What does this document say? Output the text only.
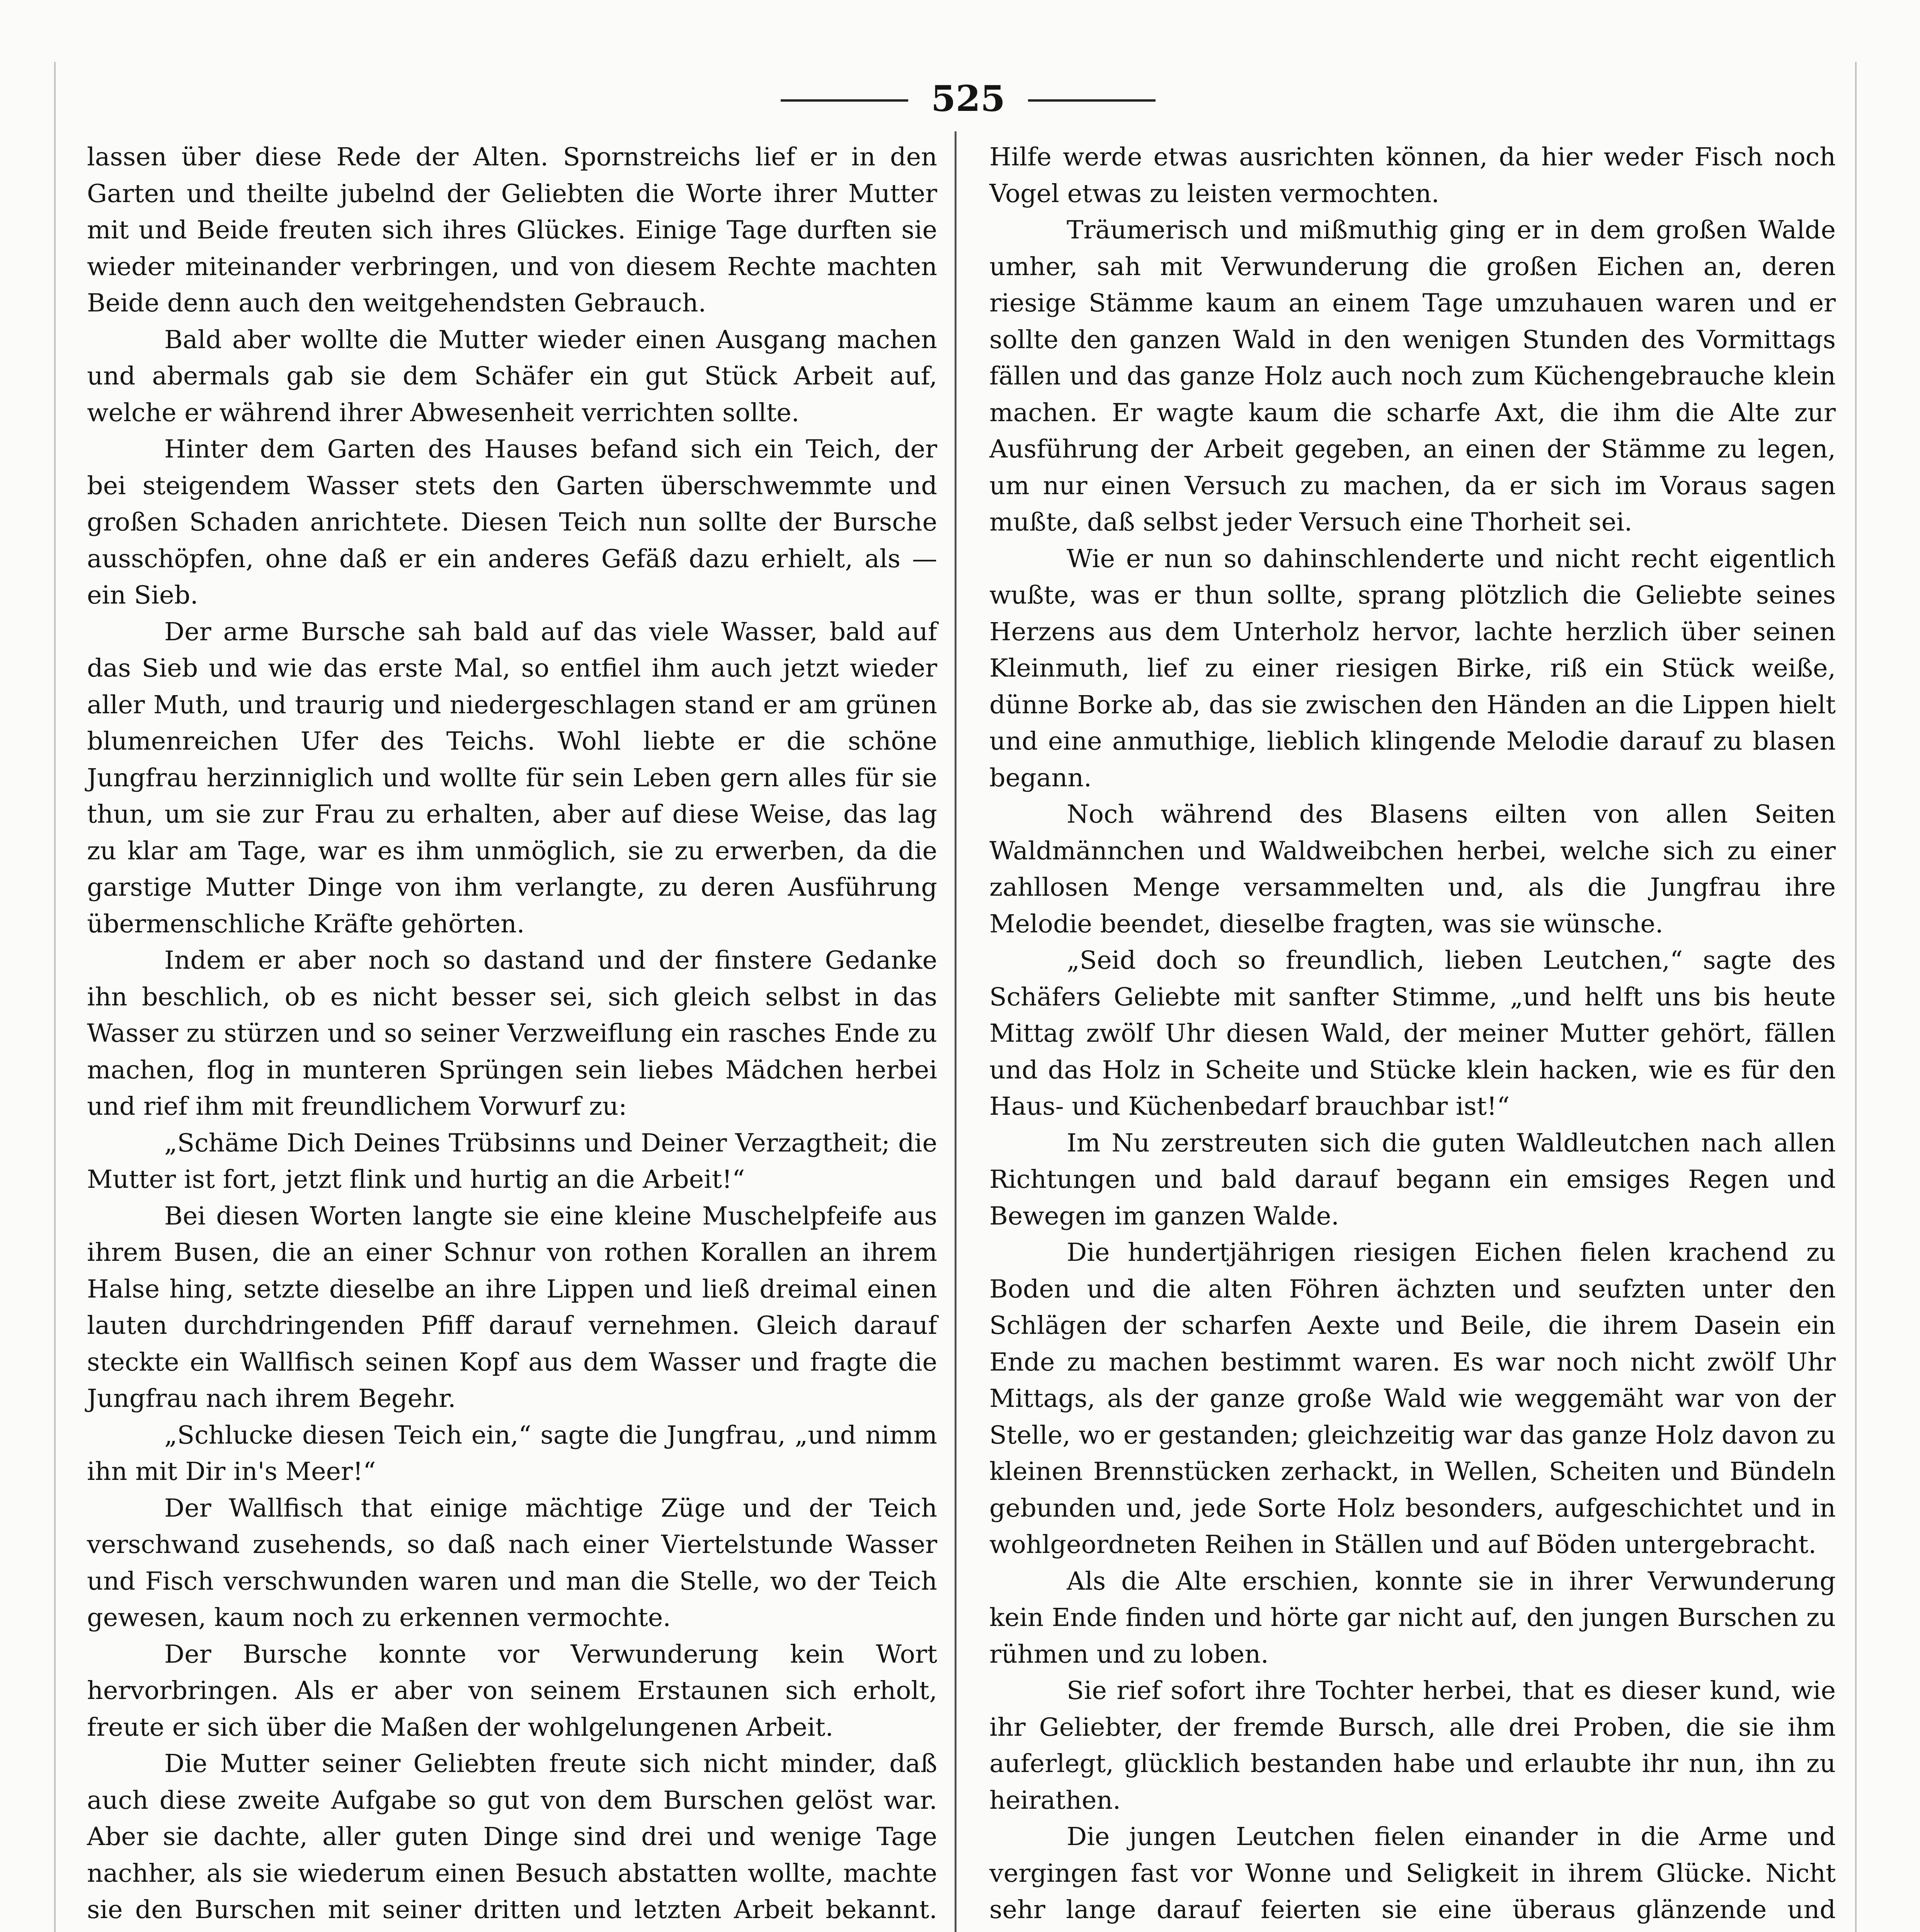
525

lassen über diese Rede der Alten. Spornstreichs lief er in den Garten und theilte jubelnd der Geliebten die Worte ihrer Mutter mit und Beide freuten sich ihres Glückes. Einige Tage durften sie wieder miteinander verbringen, und von diesem Rechte machten Beide denn auch den weitgehendsten Gebrauch.

Bald aber wollte die Mutter wieder einen Ausgang machen und abermals gab sie dem Schäfer ein gut Stück Arbeit auf, welche er während ihrer Abwesenheit verrichten sollte.

Hinter dem Garten des Hauses befand sich ein Teich, der bei steigendem Wasser stets den Garten überschwemmte und großen Schaden anrichtete. Diesen Teich nun sollte der Bursche ausschöpfen, ohne daß er ein anderes Gefäß dazu erhielt, als — ein Sieb.

Der arme Bursche sah bald auf das viele Wasser, bald auf das Sieb und wie das erste Mal, so entfiel ihm auch jetzt wieder aller Muth, und traurig und niedergeschlagen stand er am grünen blumenreichen Ufer des Teichs. Wohl liebte er die schöne Jungfrau herzinniglich und wollte für sein Leben gern alles für sie thun, um sie zur Frau zu erhalten, aber auf diese Weise, das lag zu klar am Tage, war es ihm unmöglich, sie zu erwerben, da die garstige Mutter Dinge von ihm verlangte, zu deren Ausführung übermenschliche Kräfte gehörten.

Indem er aber noch so dastand und der finstere Gedanke ihn beschlich, ob es nicht besser sei, sich gleich selbst in das Wasser zu stürzen und so seiner Verzweiflung ein rasches Ende zu machen, flog in munteren Sprüngen sein liebes Mädchen herbei und rief ihm mit freundlichem Vorwurf zu:

„Schäme Dich Deines Trübsinns und Deiner Verzagtheit; die Mutter ist fort, jetzt flink und hurtig an die Arbeit!“

Bei diesen Worten langte sie eine kleine Muschelpfeife aus ihrem Busen, die an einer Schnur von rothen Korallen an ihrem Halse hing, setzte dieselbe an ihre Lippen und ließ dreimal einen lauten durchdringenden Pfiff darauf vernehmen. Gleich darauf steckte ein Wallfisch seinen Kopf aus dem Wasser und fragte die Jungfrau nach ihrem Begehr.

„Schlucke diesen Teich ein,“ sagte die Jungfrau, „und nimm ihn mit Dir in's Meer!“

Der Wallfisch that einige mächtige Züge und der Teich verschwand zusehends, so daß nach einer Viertelstunde Wasser und Fisch verschwunden waren und man die Stelle, wo der Teich gewesen, kaum noch zu erkennen vermochte.

Der Bursche konnte vor Verwunderung kein Wort hervorbringen. Als er aber von seinem Erstaunen sich erholt, freute er sich über die Maßen der wohlgelungenen Arbeit.

Die Mutter seiner Geliebten freute sich nicht minder, daß auch diese zweite Aufgabe so gut von dem Burschen gelöst war. Aber sie dachte, aller guten Dinge sind drei und wenige Tage nachher, als sie wiederum einen Besuch abstatten wollte, machte sie den Burschen mit seiner dritten und letzten Arbeit bekannt.

Hilfe werde etwas ausrichten können, da hier weder Fisch noch Vogel etwas zu leisten vermochten.

Träumerisch und mißmuthig ging er in dem großen Walde umher, sah mit Verwunderung die großen Eichen an, deren riesige Stämme kaum an einem Tage umzuhauen waren und er sollte den ganzen Wald in den wenigen Stunden des Vormittags fällen und das ganze Holz auch noch zum Küchengebrauche klein machen. Er wagte kaum die scharfe Axt, die ihm die Alte zur Ausführung der Arbeit gegeben, an einen der Stämme zu legen, um nur einen Versuch zu machen, da er sich im Voraus sagen mußte, daß selbst jeder Versuch eine Thorheit sei.

Wie er nun so dahinschlenderte und nicht recht eigentlich wußte, was er thun sollte, sprang plötzlich die Geliebte seines Herzens aus dem Unterholz hervor, lachte herzlich über seinen Kleinmuth, lief zu einer riesigen Birke, riß ein Stück weiße, dünne Borke ab, das sie zwischen den Händen an die Lippen hielt und eine anmuthige, lieblich klingende Melodie darauf zu blasen begann.

Noch während des Blasens eilten von allen Seiten Waldmännchen und Waldweibchen herbei, welche sich zu einer zahllosen Menge versammelten und, als die Jungfrau ihre Melodie beendet, dieselbe fragten, was sie wünsche.

„Seid doch so freundlich, lieben Leutchen,“ sagte des Schäfers Geliebte mit sanfter Stimme, „und helft uns bis heute Mittag zwölf Uhr diesen Wald, der meiner Mutter gehört, fällen und das Holz in Scheite und Stücke klein hacken, wie es für den Haus- und Küchenbedarf brauchbar ist!“

Im Nu zerstreuten sich die guten Waldleutchen nach allen Richtungen und bald darauf begann ein emsiges Regen und Bewegen im ganzen Walde.

Die hundertjährigen riesigen Eichen fielen krachend zu Boden und die alten Föhren ächzten und seufzten unter den Schlägen der scharfen Aexte und Beile, die ihrem Dasein ein Ende zu machen bestimmt waren. Es war noch nicht zwölf Uhr Mittags, als der ganze große Wald wie weggemäht war von der Stelle, wo er gestanden; gleichzeitig war das ganze Holz davon zu kleinen Brennstücken zerhackt, in Wellen, Scheiten und Bündeln gebunden und, jede Sorte Holz besonders, aufgeschichtet und in wohlgeordneten Reihen in Ställen und auf Böden untergebracht.

Als die Alte erschien, konnte sie in ihrer Verwunderung kein Ende finden und hörte gar nicht auf, den jungen Burschen zu rühmen und zu loben.

Sie rief sofort ihre Tochter herbei, that es dieser kund, wie ihr Geliebter, der fremde Bursch, alle drei Proben, die sie ihm auferlegt, glücklich bestanden habe und erlaubte ihr nun, ihn zu heirathen.

Die jungen Leutchen fielen einander in die Arme und vergingen fast vor Wonne und Seligkeit in ihrem Glücke. Nicht sehr lange darauf feierten sie eine überaus glänzende und
